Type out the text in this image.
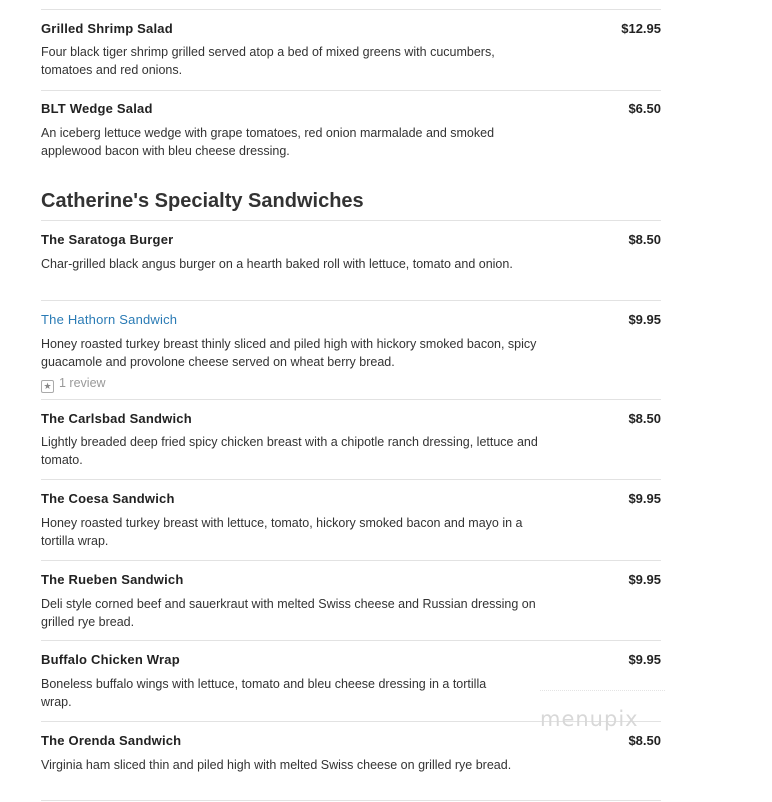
Grilled Shrimp Salad	$12.95
Four black tiger shrimp grilled served atop a bed of mixed greens with cucumbers, tomatoes and red onions.
BLT Wedge Salad	$6.50
An iceberg lettuce wedge with grape tomatoes, red onion marmalade and smoked applewood bacon with bleu cheese dressing.
Catherine's Specialty Sandwiches
The Saratoga Burger	$8.50
Char-grilled black angus burger on a hearth baked roll with lettuce, tomato and onion.
The Hathorn Sandwich	$9.95
Honey roasted turkey breast thinly sliced and piled high with hickory smoked bacon, spicy guacamole and provolone cheese served on wheat berry bread.
★ 1 review
The Carlsbad Sandwich	$8.50
Lightly breaded deep fried spicy chicken breast with a chipotle ranch dressing, lettuce and tomato.
The Coesa Sandwich	$9.95
Honey roasted turkey breast with lettuce, tomato, hickory smoked bacon and mayo in a tortilla wrap.
The Rueben Sandwich	$9.95
Deli style corned beef and sauerkraut with melted Swiss cheese and Russian dressing on grilled rye bread.
Buffalo Chicken Wrap	$9.95
Boneless buffalo wings with lettuce, tomato and bleu cheese dressing in a tortilla wrap.
The Orenda Sandwich	$8.50
Virginia ham sliced thin and piled high with melted Swiss cheese on grilled rye bread.
menupix
